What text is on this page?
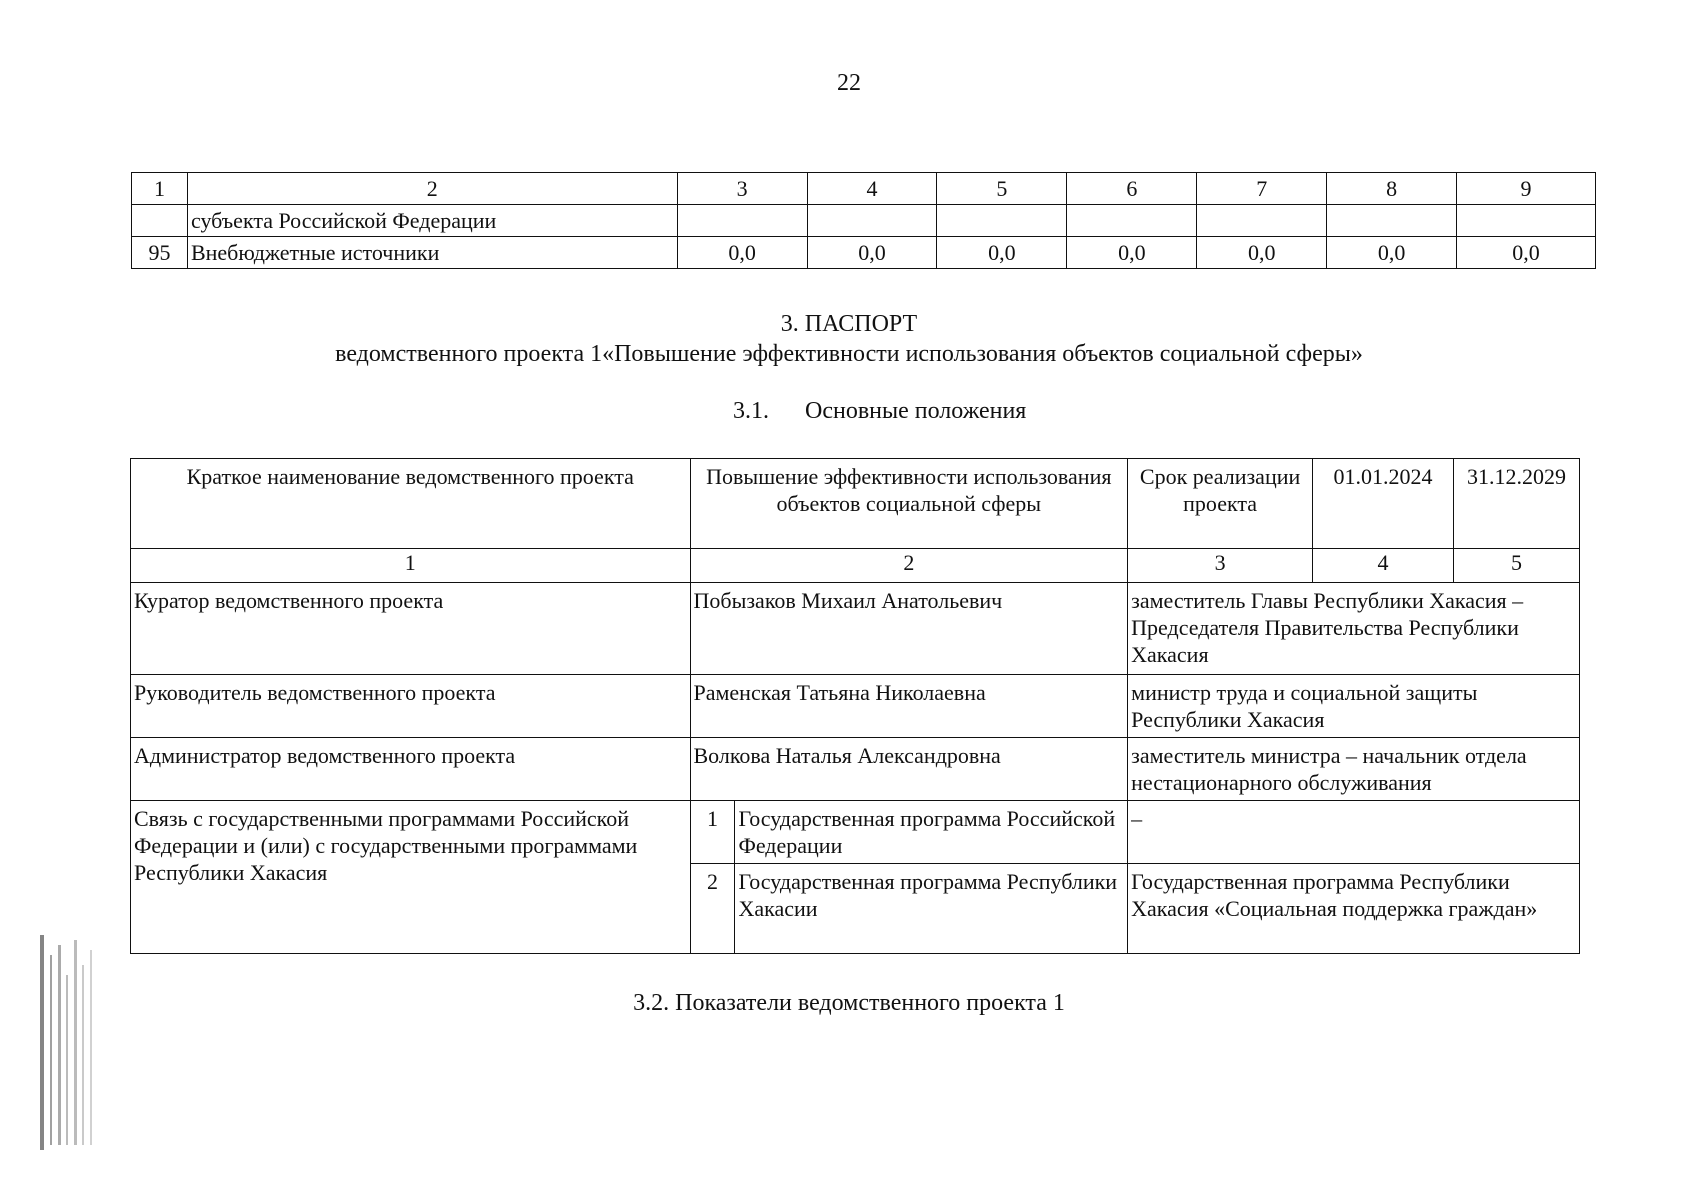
22
1	2	3	4	5	6	7	8	9
	субъекта Российской Федерации							
95	Внебюджетные источники	0,0	0,0	0,0	0,0	0,0	0,0	0,0
3. ПАСПОРТ
ведомственного проекта 1«Повышение эффективности использования объектов социальной сферы»
3.1. Основные положения
Краткое наименование ведомственного проекта	Повышение эффективности использования объектов социальной сферы		Срок реализации проекта	01.01.2024	31.12.2029
1	2		3	4	5
Куратор ведомственного проекта	Побызаков Михаил Анатольевич		заместитель Главы Республики Хакасия – Председателя Правительства Республики Хакасия		
Руководитель ведомственного проекта	Раменская Татьяна Николаевна		министр труда и социальной защиты Республики Хакасия		
Администратор ведомственного проекта	Волкова Наталья Александровна		заместитель министра – начальник отдела нестационарного обслуживания		
Связь с государственными программами Российской Федерации и (или) с государственными программами Республики Хакасия	1	Государственная программа Российской Федерации	–		
	2	Государственная программа Республики Хакасии	Государственная программа Республики Хакасия «Социальная поддержка граждан»		
3.2. Показатели ведомственного проекта 1
